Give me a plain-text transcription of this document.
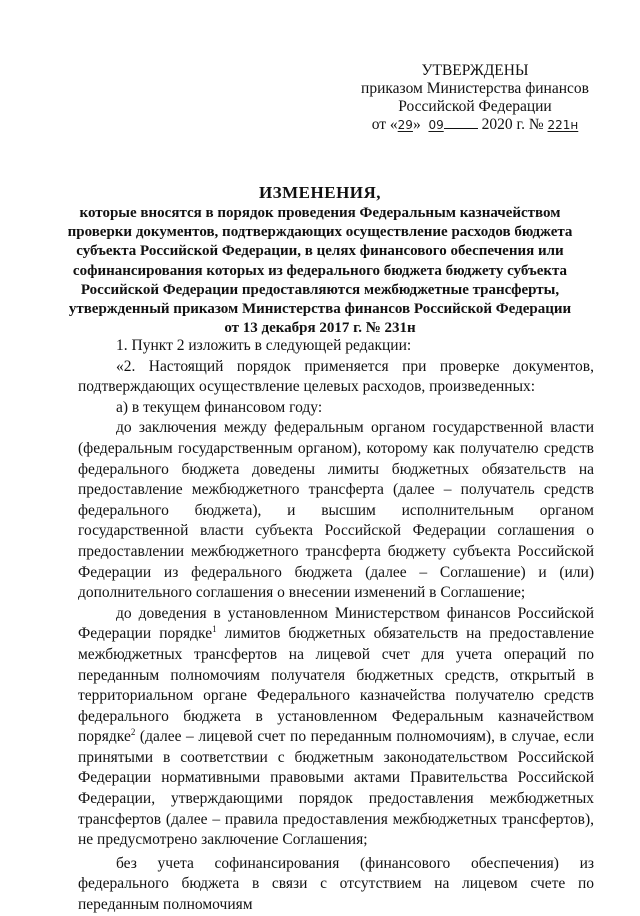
УТВЕРЖДЕНЫ
приказом Министерства финансов
Российской Федерации
от «29» 09 2020 г. № 221н
ИЗМЕНЕНИЯ,
которые вносятся в порядок проведения Федеральным казначейством проверки документов, подтверждающих осуществление расходов бюджета субъекта Российской Федерации, в целях финансового обеспечения или софинансирования которых из федерального бюджета бюджету субъекта Российской Федерации предоставляются межбюджетные трансферты, утвержденный приказом Министерства финансов Российской Федерации от 13 декабря 2017 г. № 231н

1. Пункт 2 изложить в следующей редакции:

«2. Настоящий порядок применяется при проверке документов, подтверждающих осуществление целевых расходов, произведенных:

а) в текущем финансовом году:

до заключения между федеральным органом государственной власти (федеральным государственным органом), которому как получателю средств федерального бюджета доведены лимиты бюджетных обязательств на предоставление межбюджетного трансферта (далее – получатель средств федерального бюджета), и высшим исполнительным органом государственной власти субъекта Российской Федерации соглашения о предоставлении межбюджетного трансферта бюджету субъекта Российской Федерации из федерального бюджета (далее – Соглашение) и (или) дополнительного соглашения о внесении изменений в Соглашение;

до доведения в установленном Министерством финансов Российской Федерации порядке$^1$ лимитов бюджетных обязательств на предоставление межбюджетных трансфертов на лицевой счет для учета операций по переданным полномочиям получателя бюджетных средств, открытый в территориальном органе Федерального казначейства получателю средств федерального бюджета в установленном Федеральным казначейством порядке$^2$ (далее – лицевой счет по переданным полномочиям), в случае, если принятыми в соответствии с бюджетным законодательством Российской Федерации нормативными правовыми актами Правительства Российской Федерации, утверждающими порядок предоставления межбюджетных трансфертов (далее – правила предоставления межбюджетных трансфертов), не предусмотрено заключение Соглашения;

без учета софинансирования (финансового обеспечения) из федерального бюджета в связи с отсутствием на лицевом счете по переданным полномочиям
